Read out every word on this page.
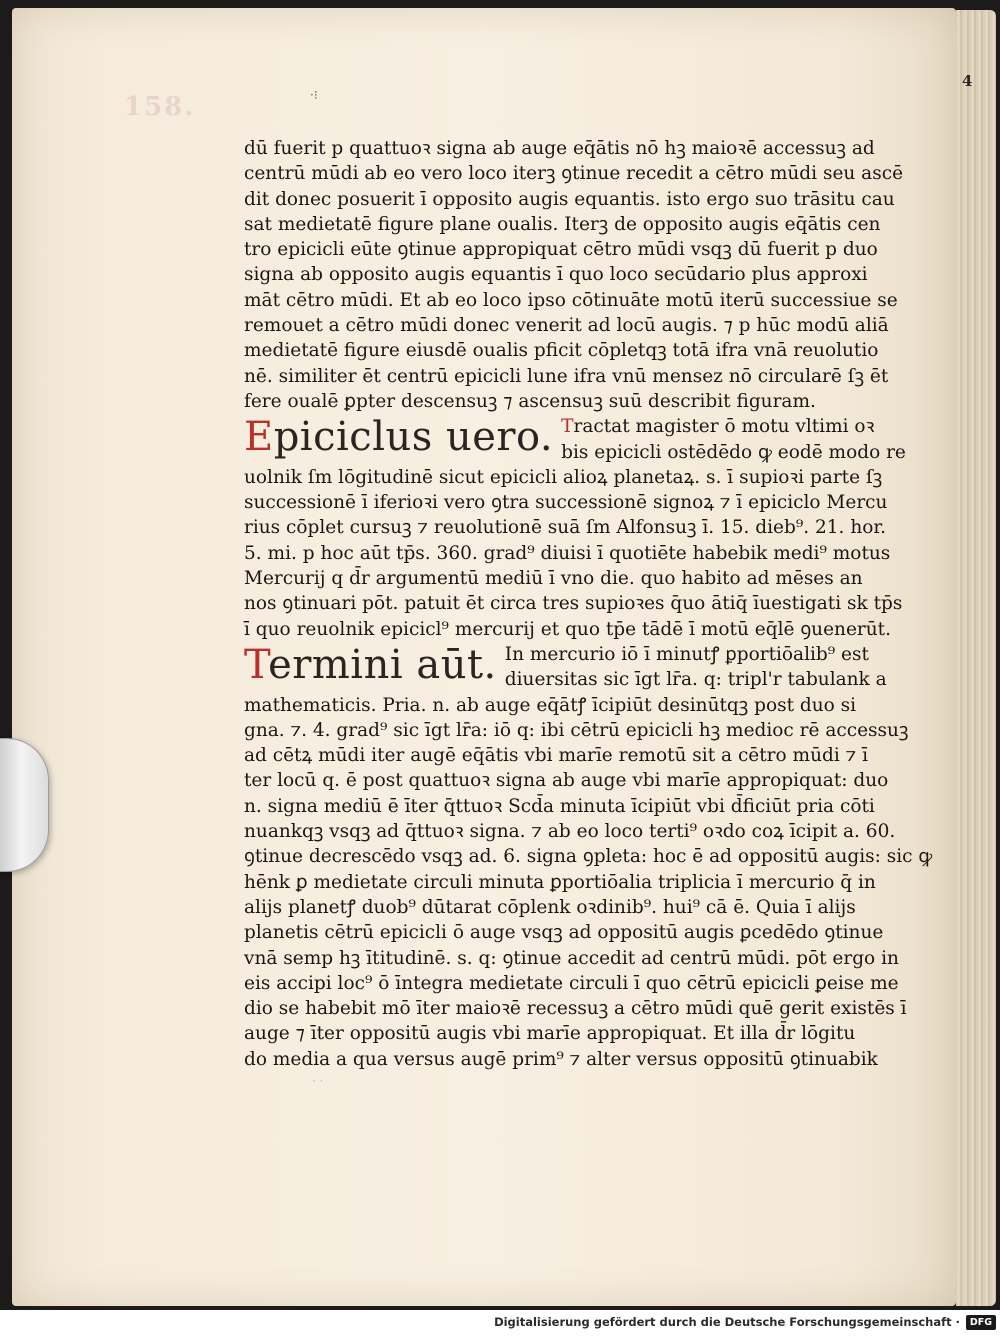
158.	·⁝
dū fuerit p quattuoꝛ signa ab auge eq̄ātis nō hꝫ maioꝛē accessuꝫ ad
centrū mūdi ab eo vero loco iterꝫ ꝯtinue recedit a cētro mūdi seu ascē
dit donec posuerit ī opposito augis equantis. isto ergo suo trāsitu cau
sat medietatē figure plane oualis. Iterꝫ de opposito augis eq̄ātis cen
tro epicicli eūte ꝯtinue appropiquat cētro mūdi vsqꝫ dū fuerit p duo
signa ab opposito augis equantis ī quo loco secūdario plus approxi
māt cētro mūdi. Et ab eo loco ipso cōtinuāte motū iterū successiue se
remouet a cētro mūdi donec venerit ad locū augis. ⁊ p hūc modū aliā
medietatē figure eiusdē oualis pficit cōpletqꝫ totā ifra vnā reuolutio
nē. similiter ēt centrū epicicli lune ifra vnū mensez nō circularē ſꝫ ēt
fere oualē ꝑpter descensuꝫ ⁊ ascensuꝫ suū describit figuram.
Epiciclus uero. Tractat magister ō motu vltimi oꝛ
bis epicicli ostēdēdo ꝙ eodē modo re
uolnik ſm lōgitudinē sicut epicicli alioꝝ planetaꝝ. s. ī supioꝛi parte ſꝫ
successionē ī iferioꝛi vero ꝯtra successionē signoꝝ ⁊ ī epiciclo Mercu
rius cōplet cursuꝫ ⁊ reuolutionē suā ſm Alfonsuꝫ ī. 15. dieb⁹. 21. hor.
5. mi. p hoc aūt tp̄s. 360. grad⁹ diuisi ī quotiēte habebik medi⁹ motus
Mercurij q d̄r argumentū mediū ī vno die. quo habito ad mēses an
nos ꝯtinuari pōt. patuit ēt circa tres supioꝛes q̄uo ātiq̄ īuestigati sk tp̄s
ī quo reuolnik epicicl⁹ mercurij et quo tp̄e tādē ī motū eq̄lē ꝯuenerūt.
Termini aūt. In mercurio iō ī minutꝭ ꝑportiōalib⁹ est
diuersitas sic īgt lr̄a. q: tripl'r tabulank a
mathematicis. Pria. n. ab auge eq̄ātꝭ īcipiūt desinūtqꝫ post duo si
gna. ⁊. 4. grad⁹ sic īgt lr̄a: iō q: ibi cētrū epicicli hꝫ medioc rē accessuꝫ
ad cētꝝ mūdi iter augē eq̄ātis vbi marīe remotū sit a cētro mūdi ⁊ ī
ter locū q. ē post quattuoꝛ signa ab auge vbi marīe appropiquat: duo
n. signa mediū ē īter q̄ttuoꝛ Scd̄a minuta īcipiūt vbi d̄ficiūt pria cōti
nuankqꝫ vsqꝫ ad q̄ttuoꝛ signa. ⁊ ab eo loco terti⁹ oꝛdo coꝝ īcipit a. 60.
ꝯtinue decrescēdo vsqꝫ ad. 6. signa ꝯpleta: hoc ē ad oppositū augis: sic ꝙ
hēnk ꝑ medietate circuli minuta ꝑportiōalia triplicia ī mercurio q̄ in
alijs planetꝭ duob⁹ dūtarat cōplenk oꝛdinib⁹. hui⁹ cā ē. Quia ī alijs
planetis cētrū epicicli ō auge vsqꝫ ad oppositū augis ꝑcedēdo ꝯtinue
vnā semp hꝫ ītitudinē. s. q: ꝯtinue accedit ad centrū mūdi. pōt ergo in
eis accipi loc⁹ ō īntegra medietate circuli ī quo cētrū epicicli ꝑeise me
dio se habebit mō īter maioꝛē recessuꝫ a cētro mūdi quē gerit existēs ī
auge ⁊ īter oppositū augis vbi marīe appropiquat. Et illa d̄r lōgitu
do media a qua versus augē prim⁹ ⁊ alter versus oppositū ꝯtinuabik
· ·
4
Digitalisierung gefördert durch die Deutsche Forschungsgemeinschaft ·	DFG
